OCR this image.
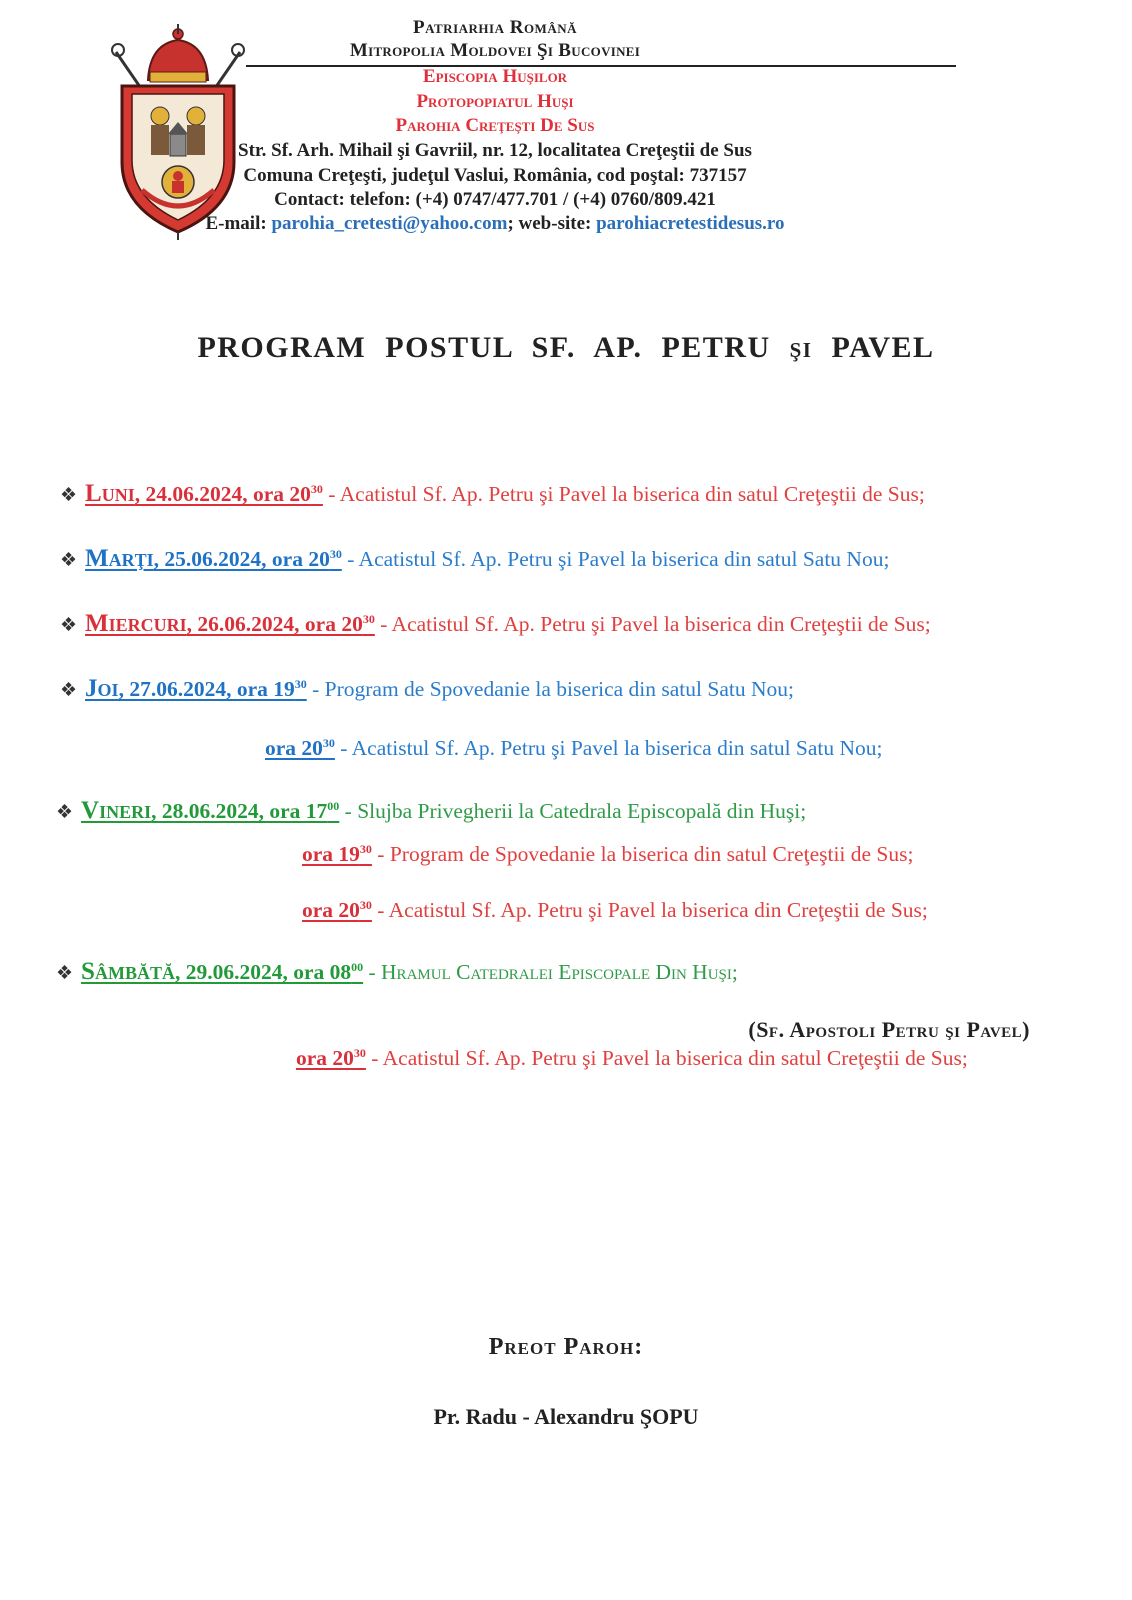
Patriarhia Română
Mitropolia Moldovei Şi Bucovinei
Episcopia Huşilor
Protopopiatul Huşi
Parohia Creţeşti De Sus
Str. Sf. Arh. Mihail şi Gavriil, nr. 12, localitatea Creţeştii de Sus
Comuna Creţeşti, judeţul Vaslui, România, cod poştal: 737157
Contact: telefon: (+4) 0747/477.701 / (+4) 0760/809.421
E-mail: parohia_cretesti@yahoo.com; web-site: parohiacretestidesus.ro
PROGRAM POSTUL SF. AP. PETRU şi PAVEL
❖ Luni, 24.06.2024, ora $20^{30}$ - Acatistul Sf. Ap. Petru şi Pavel la biserica din satul Creţeştii de Sus;
❖ Marţi, 25.06.2024, ora $20^{30}$ - Acatistul Sf. Ap. Petru şi Pavel la biserica din satul Satu Nou;
❖ Miercuri, 26.06.2024, ora $20^{30}$ - Acatistul Sf. Ap. Petru şi Pavel la biserica din Creţeştii de Sus;
❖ Joi, 27.06.2024, ora $19^{30}$ - Program de Spovedanie la biserica din satul Satu Nou;
ora $20^{30}$ - Acatistul Sf. Ap. Petru şi Pavel la biserica din satul Satu Nou;
❖ Vineri, 28.06.2024, ora $17^{00}$ - Slujba Privegherii la Catedrala Episcopală din Huşi;
ora $19^{30}$ - Program de Spovedanie la biserica din satul Creţeştii de Sus;
ora $20^{30}$ - Acatistul Sf. Ap. Petru şi Pavel la biserica din Creţeştii de Sus;
❖ Sâmbătă, 29.06.2024, ora $08^{00}$ - Hramul Catedralei Episcopale Din Huşi;
(Sf. Apostoli Petru şi Pavel)
ora $20^{30}$ - Acatistul Sf. Ap. Petru şi Pavel la biserica din satul Creţeştii de Sus;
Preot Paroh:
Pr. Radu - Alexandru ŞOPU
